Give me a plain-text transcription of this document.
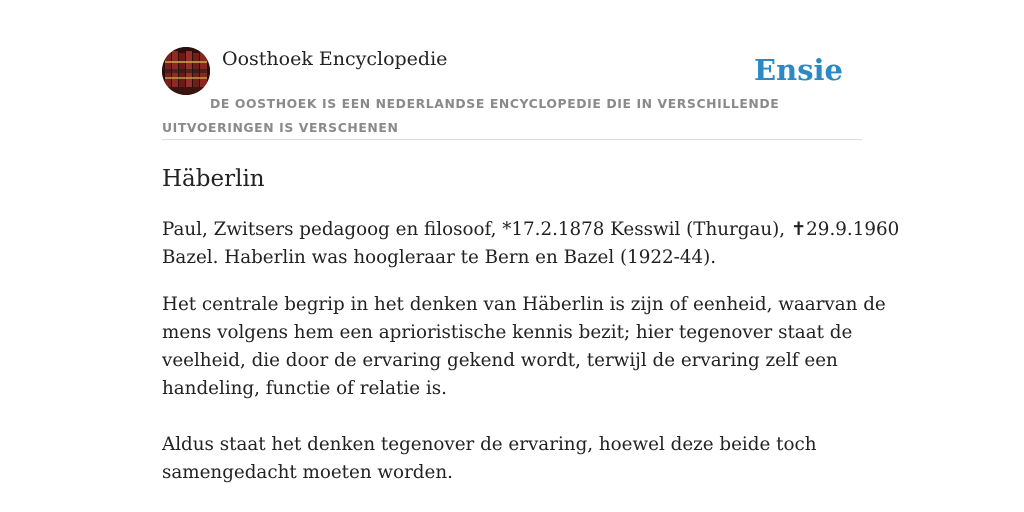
Oosthoek Encyclopedie	Ensie
DE OOSTHOEK IS EEN NEDERLANDSE ENCYCLOPEDIE DIE IN VERSCHILLENDE UITVOERINGEN IS VERSCHENEN
Häberlin
Paul, Zwitsers pedagoog en filosoof, *17.2.1878 Kesswil (Thurgau), ✝29.9.1960
Bazel. Haberlin was hoogleraar te Bern en Bazel (1922-44).
Het centrale begrip in het denken van Häberlin is zijn of eenheid, waarvan de
mens volgens hem een aprioristische kennis bezit; hier tegenover staat de
veelheid, die door de ervaring gekend wordt, terwijl de ervaring zelf een
handeling, functie of relatie is.
Aldus staat het denken tegenover de ervaring, hoewel deze beide toch
samengedacht moeten worden.
